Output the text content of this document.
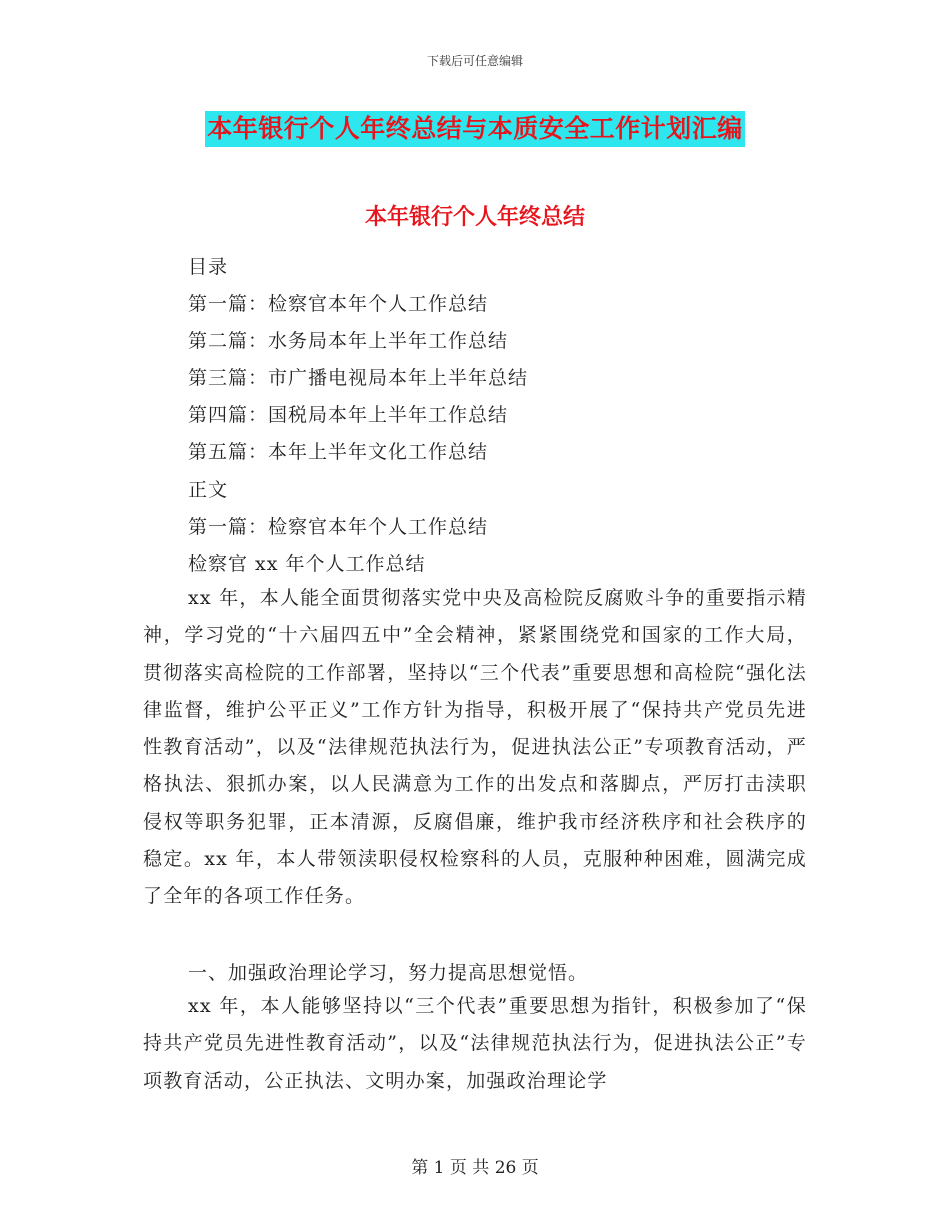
下载后可任意编辑
本年银行个人年终总结与本质安全工作计划汇编
本年银行个人年终总结
目录
第一篇：检察官本年个人工作总结
第二篇：水务局本年上半年工作总结
第三篇：市广播电视局本年上半年总结
第四篇：国税局本年上半年工作总结
第五篇：本年上半年文化工作总结
正文
第一篇：检察官本年个人工作总结
检察官 xx 年个人工作总结
xx 年，本人能全面贯彻落实党中央及高检院反腐败斗争的重要指示精神，学习党的“十六届四五中”全会精神，紧紧围绕党和国家的工作大局，贯彻落实高检院的工作部署，坚持以“三个代表”重要思想和高检院“强化法律监督，维护公平正义”工作方针为指导，积极开展了“保持共产党员先进性教育活动”，以及“法律规范执法行为，促进执法公正”专项教育活动，严格执法、狠抓办案，以人民满意为工作的出发点和落脚点，严厉打击渎职侵权等职务犯罪，正本清源，反腐倡廉，维护我市经济秩序和社会秩序的稳定。xx 年，本人带领渎职侵权检察科的人员，克服种种困难，圆满完成了全年的各项工作任务。
一、加强政治理论学习，努力提高思想觉悟。
xx 年，本人能够坚持以“三个代表”重要思想为指针，积极参加了“保持共产党员先进性教育活动”，以及“法律规范执法行为，促进执法公正”专项教育活动，公正执法、文明办案，加强政治理论学
第 1 页 共 26 页
